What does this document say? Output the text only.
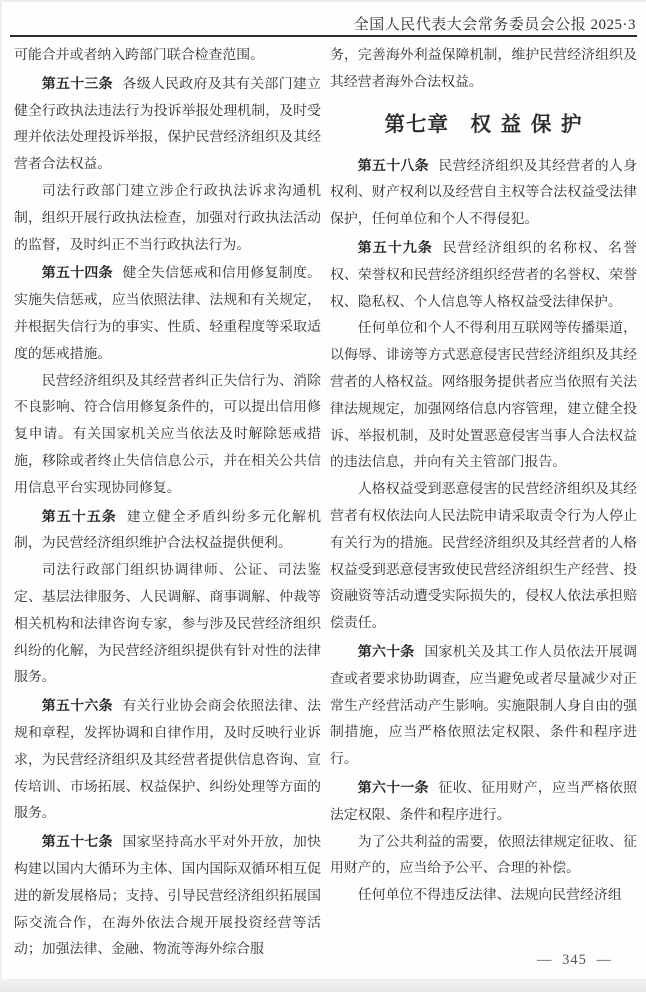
全国人民代表大会常务委员会公报 2025·3

可能合并或者纳入跨部门联合检查范围。

第五十三条 各级人民政府及其有关部门建立健全行政执法违法行为投诉举报处理机制，及时受理并依法处理投诉举报，保护民营经济组织及其经营者合法权益。

司法行政部门建立涉企行政执法诉求沟通机制，组织开展行政执法检查，加强对行政执法活动的监督，及时纠正不当行政执法行为。

第五十四条 健全失信惩戒和信用修复制度。实施失信惩戒，应当依照法律、法规和有关规定，并根据失信行为的事实、性质、轻重程度等采取适度的惩戒措施。

民营经济组织及其经营者纠正失信行为、消除不良影响、符合信用修复条件的，可以提出信用修复申请。有关国家机关应当依法及时解除惩戒措施，移除或者终止失信信息公示，并在相关公共信用信息平台实现协同修复。

第五十五条 建立健全矛盾纠纷多元化解机制，为民营经济组织维护合法权益提供便利。

司法行政部门组织协调律师、公证、司法鉴定、基层法律服务、人民调解、商事调解、仲裁等相关机构和法律咨询专家，参与涉及民营经济组织纠纷的化解，为民营经济组织提供有针对性的法律服务。

第五十六条 有关行业协会商会依照法律、法规和章程，发挥协调和自律作用，及时反映行业诉求，为民营经济组织及其经营者提供信息咨询、宣传培训、市场拓展、权益保护、纠纷处理等方面的服务。

第五十七条 国家坚持高水平对外开放，加快构建以国内大循环为主体、国内国际双循环相互促进的新发展格局；支持、引导民营经济组织拓展国际交流合作，在海外依法合规开展投资经营等活动；加强法律、金融、物流等海外综合服

务，完善海外利益保障机制，维护民营经济组织及其经营者海外合法权益。

第七章　权 益 保 护

第五十八条 民营经济组织及其经营者的人身权利、财产权利以及经营自主权等合法权益受法律保护，任何单位和个人不得侵犯。

第五十九条 民营经济组织的名称权、名誉权、荣誉权和民营经济组织经营者的名誉权、荣誉权、隐私权、个人信息等人格权益受法律保护。

任何单位和个人不得利用互联网等传播渠道，以侮辱、诽谤等方式恶意侵害民营经济组织及其经营者的人格权益。网络服务提供者应当依照有关法律法规规定，加强网络信息内容管理，建立健全投诉、举报机制，及时处置恶意侵害当事人合法权益的违法信息，并向有关主管部门报告。

人格权益受到恶意侵害的民营经济组织及其经营者有权依法向人民法院申请采取责令行为人停止有关行为的措施。民营经济组织及其经营者的人格权益受到恶意侵害致使民营经济组织生产经营、投资融资等活动遭受实际损失的，侵权人依法承担赔偿责任。

第六十条 国家机关及其工作人员依法开展调查或者要求协助调查，应当避免或者尽量减少对正常生产经营活动产生影响。实施限制人身自由的强制措施，应当严格依照法定权限、条件和程序进行。

第六十一条 征收、征用财产，应当严格依照法定权限、条件和程序进行。

为了公共利益的需要，依照法律规定征收、征用财产的，应当给予公平、合理的补偿。

任何单位不得违反法律、法规向民营经济组

— 345 —
